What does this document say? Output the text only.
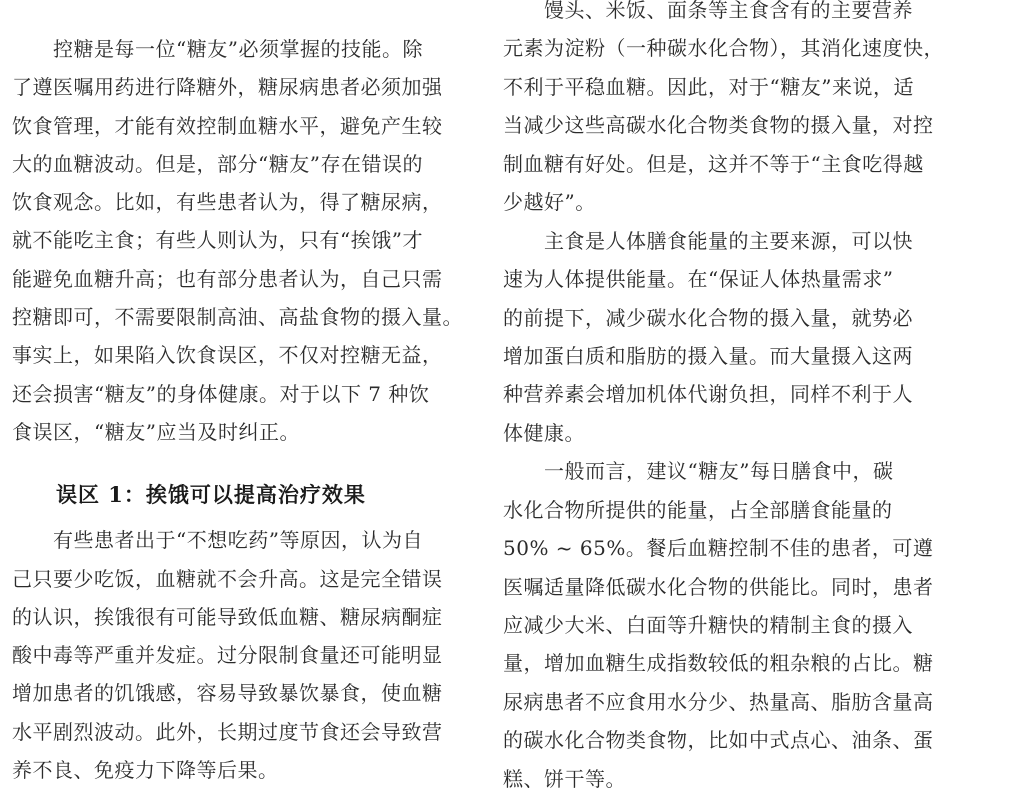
控糖是每一位“糖友”必须掌握的技能。除
了遵医嘱用药进行降糖外，糖尿病患者必须加强
饮食管理，才能有效控制血糖水平，避免产生较
大的血糖波动。但是，部分“糖友”存在错误的
饮食观念。比如，有些患者认为，得了糖尿病，
就不能吃主食；有些人则认为，只有“挨饿”才
能避免血糖升高；也有部分患者认为，自己只需
控糖即可，不需要限制高油、高盐食物的摄入量。
事实上，如果陷入饮食误区，不仅对控糖无益，
还会损害“糖友”的身体健康。对于以下 7 种饮
食误区，“糖友”应当及时纠正。
误区 1：挨饿可以提高治疗效果
有些患者出于“不想吃药”等原因，认为自
己只要少吃饭，血糖就不会升高。这是完全错误
的认识，挨饿很有可能导致低血糖、糖尿病酮症
酸中毒等严重并发症。过分限制食量还可能明显
增加患者的饥饿感，容易导致暴饮暴食，使血糖
水平剧烈波动。此外，长期过度节食还会导致营
养不良、免疫力下降等后果。
馒头、米饭、面条等主食含有的主要营养
元素为淀粉（一种碳水化合物），其消化速度快，
不利于平稳血糖。因此，对于“糖友”来说，适
当减少这些高碳水化合物类食物的摄入量，对控
制血糖有好处。但是，这并不等于“主食吃得越
少越好”。
主食是人体膳食能量的主要来源，可以快
速为人体提供能量。在“保证人体热量需求”
的前提下，减少碳水化合物的摄入量，就势必
增加蛋白质和脂肪的摄入量。而大量摄入这两
种营养素会增加机体代谢负担，同样不利于人
体健康。
一般而言，建议“糖友”每日膳食中，碳
水化合物所提供的能量，占全部膳食能量的
50% ~ 65%。餐后血糖控制不佳的患者，可遵
医嘱适量降低碳水化合物的供能比。同时，患者
应减少大米、白面等升糖快的精制主食的摄入
量，增加血糖生成指数较低的粗杂粮的占比。糖
尿病患者不应食用水分少、热量高、脂肪含量高
的碳水化合物类食物，比如中式点心、油条、蛋
糕、饼干等。
